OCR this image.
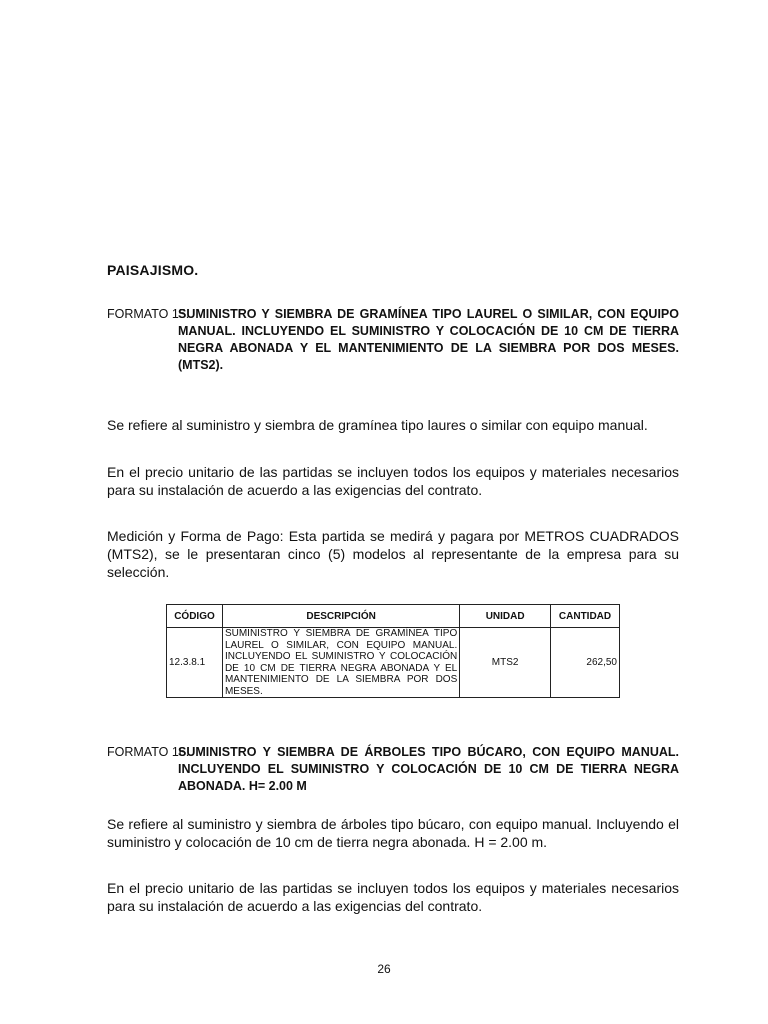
PAISAJISMO.
FORMATO 15.
SUMINISTRO Y SIEMBRA DE GRAMÍNEA TIPO LAUREL O SIMILAR, CON EQUIPO MANUAL. INCLUYENDO EL SUMINISTRO Y COLOCACIÓN DE 10 CM DE TIERRA NEGRA ABONADA Y EL MANTENIMIENTO DE LA SIEMBRA POR DOS MESES. (MTS2).
Se refiere al suministro y siembra de gramínea tipo laures o similar con equipo manual.
En el precio unitario de las partidas se incluyen todos los equipos y materiales necesarios para su instalación de acuerdo a las exigencias del contrato.
Medición y Forma de Pago: Esta partida se medirá y pagara por METROS CUADRADOS (MTS2), se le presentaran cinco (5) modelos al representante de la empresa para su selección.
CÓDIGO	DESCRIPCIÓN	UNIDAD	CANTIDAD
12.3.8.1	SUMINISTRO Y SIEMBRA DE GRAMÍNEA TIPO LAUREL O SIMILAR, CON EQUIPO MANUAL. INCLUYENDO EL SUMINISTRO Y COLOCACIÓN DE 10 CM DE TIERRA NEGRA ABONADA Y EL MANTENIMIENTO DE LA SIEMBRA POR DOS MESES.	MTS2	262,50
FORMATO 16.
SUMINISTRO Y SIEMBRA DE ÁRBOLES TIPO BÚCARO, CON EQUIPO MANUAL. INCLUYENDO EL SUMINISTRO Y COLOCACIÓN DE 10 CM DE TIERRA NEGRA ABONADA. H= 2.00 M
Se refiere al suministro y siembra de árboles tipo búcaro, con equipo manual. Incluyendo el suministro y colocación de 10 cm de tierra negra abonada. H = 2.00 m.
En el precio unitario de las partidas se incluyen todos los equipos y materiales necesarios para su instalación de acuerdo a las exigencias del contrato.
26
